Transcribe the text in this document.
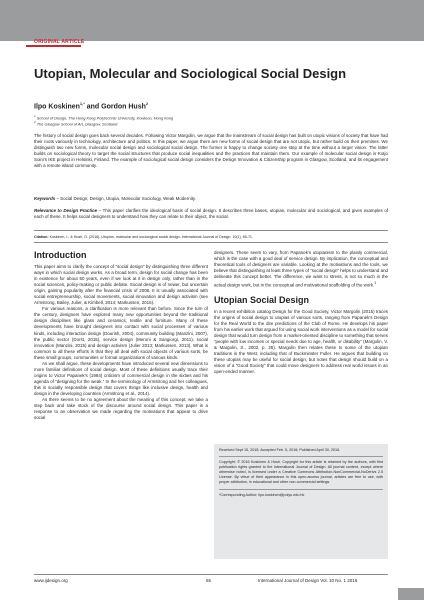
ORIGINAL ARTICLE
Utopian, Molecular and Sociological Social Design
Ilpo Koskinen$^{1,*}$ and Gordon Hush$^2$
$^1$ School of Design, The Hong Kong Polytechnic University, Kowloon, Hong Kong
$^2$ The Glasgow School of Art, Glasgow, Scotland

The history of social design goes back several decades. Following Victor Margolin, we argue that the mainstream of social design has built on utopic visions of society that have had their roots variously in technology, architecture and politics. In this paper, we argue there are new forms of social design that are not utopic, but rather build on their premises. We distinguish two new forms, molecular social design and sociological social design. The former is happy to change society one step at the time without a larger vision. The latter builds on sociological theory to target the social structures that produce social inequalities and the practices that maintain them. Our example of molecular social design is Kotjo Soini's IKE project in Helsinki, Finland. The example of sociological social design considers the Design Innovation & Citizenship program in Glasgow, Scotland, and its engagement with a remote island community.

Keywords – Social Design, Design, Utopia, Molecular Sociology, Weak Modernity.

Relevance to Design Practice – This paper clarifies the ideological basis of social design. It describes three bases, utopian, molecular and sociological, and gives examples of each of these. It helps social designers to understand how they can relate to their object, the social.

Citation: Koskinen, I., & Hush, G. (2016). Utopian, molecular and sociological social design. International Journal of Design, 10(1), 65-71.
Introduction

This paper aims to clarify the concept of “social design” by distinguishing three different ways in which social design works. As a broad term, design for social change has been in existence for about 50 years, even if we look at it in design only, rather than in the social sciences, policy-making or public debate. Social design is of newer, but uncertain origin, gaining popularity after the financial crisis of 2008. It is usually associated with social entrepreneurship, social movements, social innovation and design activism (see Armstrong, Bailey, Julier, & Kimbell, 2014; Markussen, 2015).

For various reasons, a clarification is more relevant than before. Since the turn of the century, designers have explored many new opportunities beyond the traditional design disciplines like glass and ceramics, textile and furniture. Many of these developments have brought designers into contact with social processes of various kinds, including interaction design (Dourish, 2004), community building (Manzini, 2007), the public sector (Dorst, 2015), service design (Meroni & Sangiorgi, 2011), social innovation (Manzini, 2015) and design activism (Julier 2013; Markussen, 2013). What is common to all these efforts is that they all deal with social objects of various sorts, be these small groups, communities or formal organizations of various kinds.

As we shall argue, these developments have introduced several new dimensions to more familiar definitions of social design. Most of these definitions usually trace their origins to Victor Papanek’s (1984) criticism of commercial design in the sixties and his agenda of “designing for the weak.” In the terminology of Armstrong and her colleagues, this is socially responsible design that covers things like inclusive design, health and design in the developing countries (Armstrong et al., 2014).

As there seems to be no agreement about the meaning of this concept, we take a step back and take stock of the discourse around social design. This paper is a response to an observation we made regarding the motivations that appear to drive social

designers. These seem to vary, from Papanek’s utopianism to the plainly commercial, which is the case with a good deal of service design. By implication, the conceptual and theoretical tools of designers are variable. Looking at the motivations and the tools, we believe that distinguishing at least three types of “social design” helps to understand and delineate this concept better. The difference, we want to stress, is not so much in the actual design work, but in the conceptual and motivational scaffolding of the work.$^1$

Utopian Social Design

In a recent exhibition catalog Design for the Good Society, Victor Margolin (2015) traces the origins of social design to utopias of various sorts, ranging from Papanek’s Design for the Real World to the dire predictions of the Club of Rome. He develops his paper from his earlier work that argued for using social work interventions as a model for social design that would turn design from a market-oriented discipline to something that serves “people with low incomes or special needs due to age, health, or disability” (Margolin, V. & Margolin, S., 2002, p. 25). Margolin then relates these to some of the utopian traditions in the West, including that of Buckminster Fuller. He argues that building on these utopias may be useful for social design, but notes that design should build on a vision of a “Good Society” that could move designers to address real world issues in an open-ended manner.

Received Sept 15, 2015; Accepted Feb. 5, 2016; Published April 30, 2016.

Copyright: © 2016 Koskinen & Hush. Copyright for this article is retained by the authors, with first publication rights granted to the International Journal of Design. All journal content, except where otherwise noted, is licensed under a Creative Commons Attribution-NonCommercial-NoDerivs 2.5 License. By virtue of their appearance in this open-access journal, articles are free to use, with proper attribution, in educational and other non-commercial settings.

*Corresponding Author: ilpo.koskinen@polyu.edu.hk

www.ijdesign.org	65	International Journal of Design Vol. 10 No. 1 2016
